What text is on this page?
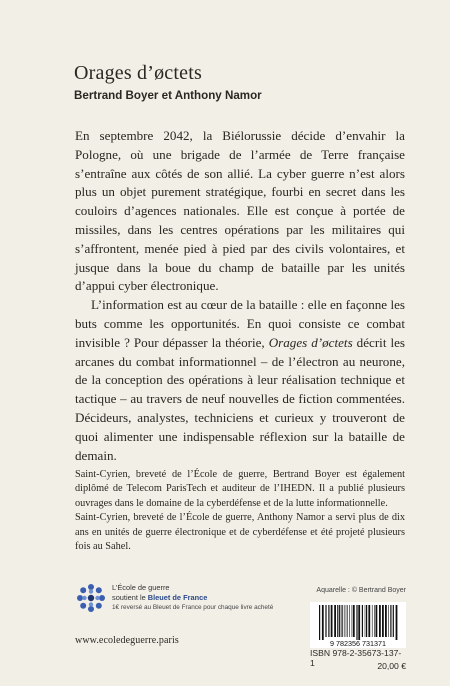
Orages d’øctets
Bertrand Boyer et Anthony Namor

En septembre 2042, la Biélorussie décide d’envahir la Pologne, où une brigade de l’armée de Terre française s’entraîne aux côtés de son allié. La cyber guerre n’est alors plus un objet purement stratégique, fourbi en secret dans les couloirs d’agences nationales. Elle est conçue à portée de missiles, dans les centres opérations par les militaires qui s’affrontent, menée pied à pied par des civils volontaires, et jusque dans la boue du champ de bataille par les unités d’appui cyber électronique.

L’information est au cœur de la bataille : elle en façonne les buts comme les opportunités. En quoi consiste ce combat invisible ? Pour dépasser la théorie, Orages d’øctets décrit les arcanes du combat informationnel – de l’électron au neurone, de la conception des opérations à leur réalisation technique et tactique – au travers de neuf nouvelles de fiction commentées. Décideurs, analystes, techniciens et curieux y trouveront de quoi alimenter une indispensable réflexion sur la bataille de demain.

Saint-Cyrien, breveté de l’École de guerre, Bertrand Boyer est également diplômé de Telecom ParisTech et auditeur de l’IHEDN. Il a publié plusieurs ouvrages dans le domaine de la cyberdéfense et de la lutte informationnelle.

Saint-Cyrien, breveté de l’École de guerre, Anthony Namor a servi plus de dix ans en unités de guerre électronique et de cyberdéfense et été projeté plusieurs fois au Sahel.

Aquarelle : © Bertrand Boyer
L’École de guerre
soutient le Bleuet de France
1€ reversé au Bleuet de France pour chaque livre acheté
www.ecoledeguerre.paris	9 782356 731371
ISBN 978-2-35673-137-1	20,00 €
